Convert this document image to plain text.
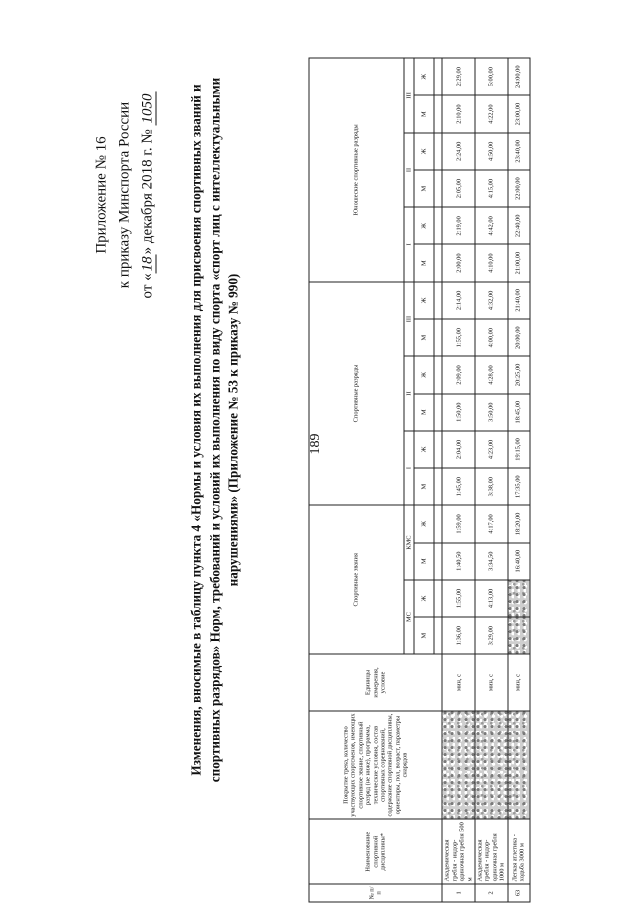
189
Приложение № 16 к приказу Минспорта России от «18» декабря 2018 г. № 1050	Изменения, вносимые в таблицу пункта 4 «Нормы и условия их выполнения для присвоения спортивных званий и спортивных разрядов» Норм, требований и условий их выполнения по виду спорта «спорт лиц с интеллектуальными нарушениями» (Приложение № 53 к приказу № 990)
№ п/п	Наименование спортивной дисциплины*	Покрытие трека, количество участвующих спортсменов, имеющих спортивное звание, спортивный разряд (не ниже), программа, технические условия, состав спортивных соревнований, содержание спортивной дисциплины, ориентиры, пол, возраст, параметры снарядов	Единицы измерения, условие	Спортивные звания				Спортивные разряды						Юношеские спортивные разряды					
				МС		КМС		I		II		III		I		II		III	
				М	Ж	М	Ж	М	Ж	М	Ж	М	Ж	М	Ж	М	Ж	М	Ж

1	Академическая гребля - индор-одиночная гребля 500 м		мин, с	1:36,00	1:55,00	1:40,50	1:59,00	1:45,00	2:04,00	1:50,00	2:09,00	1:55,00	2:14,00	2:00,00	2:19,00	2:05,00	2:24,00	2:10,00	2:29,00
2	Академическая гребля - индор-одиночная гребля 1000 м		мин, с	3:29,00	4:13,00	3:34,50	4:17,00	3:38,00	4:23,00	3:50,00	4:28,00	4:00,00	4:32,00	4:10,00	4:42,00	4:15,00	4:50,00	4:22,00	5:00,00
63	Легкая атлетика - ходьба 3000 м		мин, с			16:40,00	18:20,00	17:35,00	19:15,00	18:45,00	20:25,00	20:00,00	21:40,00	21:00,00	22:40,00	22:00,00	23:40,00	23:00,00	24:00,00
